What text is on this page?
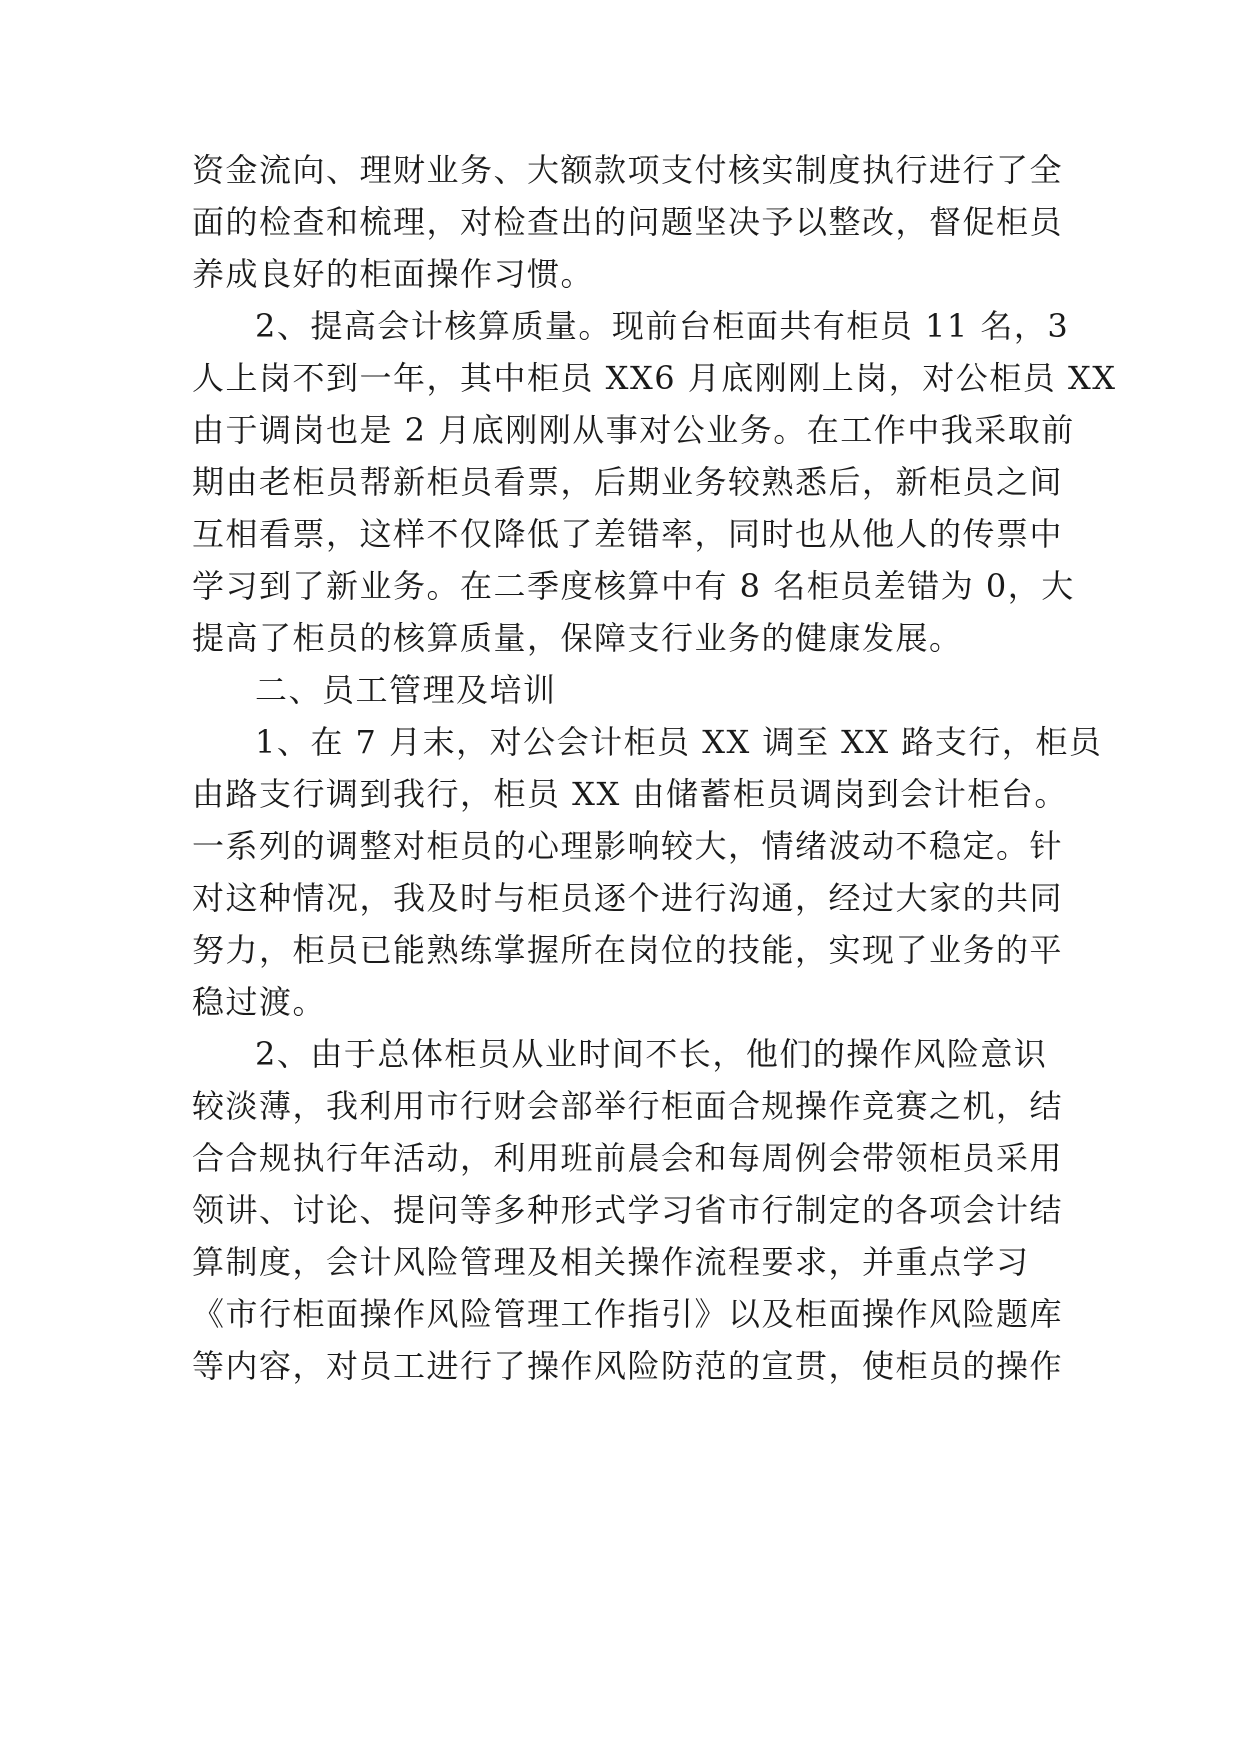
资金流向、理财业务、大额款项支付核实制度执行进行了全
面的检查和梳理，对检查出的问题坚决予以整改，督促柜员
养成良好的柜面操作习惯。
2、提高会计核算质量。现前台柜面共有柜员 11 名，3
人上岗不到一年，其中柜员 XX6 月底刚刚上岗，对公柜员 XX
由于调岗也是 2 月底刚刚从事对公业务。在工作中我采取前
期由老柜员帮新柜员看票，后期业务较熟悉后，新柜员之间
互相看票，这样不仅降低了差错率，同时也从他人的传票中
学习到了新业务。在二季度核算中有 8 名柜员差错为 0，大
提高了柜员的核算质量，保障支行业务的健康发展。
二、员工管理及培训
1、在 7 月末，对公会计柜员 XX 调至 XX 路支行，柜员
由路支行调到我行，柜员 XX 由储蓄柜员调岗到会计柜台。
一系列的调整对柜员的心理影响较大，情绪波动不稳定。针
对这种情况，我及时与柜员逐个进行沟通，经过大家的共同
努力，柜员已能熟练掌握所在岗位的技能，实现了业务的平
稳过渡。
2、由于总体柜员从业时间不长，他们的操作风险意识
较淡薄，我利用市行财会部举行柜面合规操作竞赛之机，结
合合规执行年活动，利用班前晨会和每周例会带领柜员采用
领讲、讨论、提问等多种形式学习省市行制定的各项会计结
算制度，会计风险管理及相关操作流程要求，并重点学习
《市行柜面操作风险管理工作指引》以及柜面操作风险题库
等内容，对员工进行了操作风险防范的宣贯，使柜员的操作
